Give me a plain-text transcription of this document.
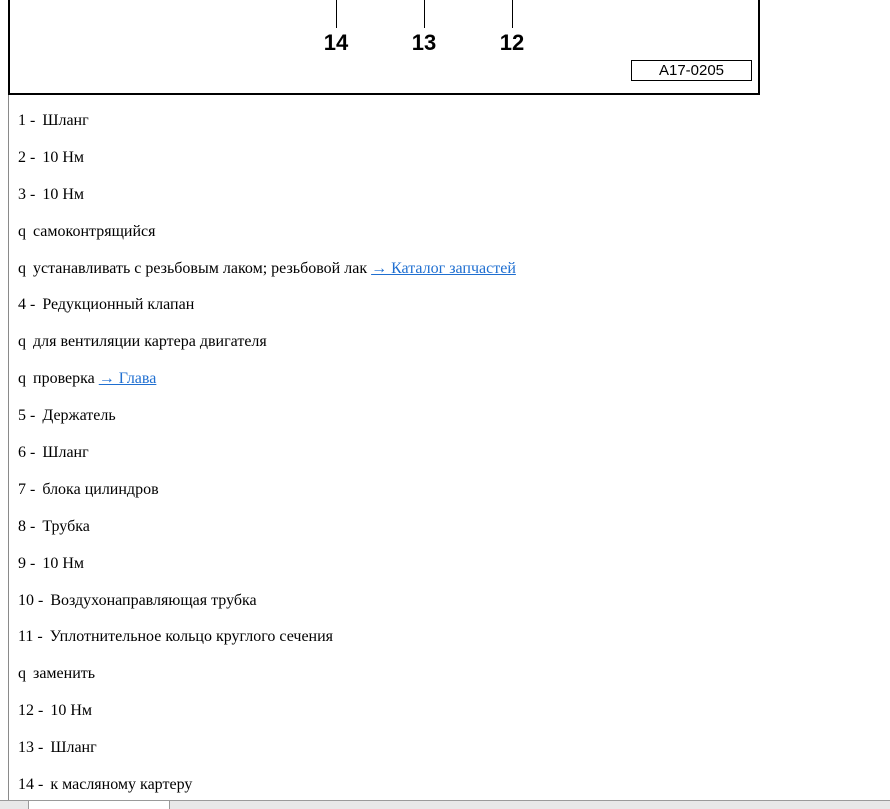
14	13	12
A17-0205
1 - Шланг
2 - 10 Нм
3 - 10 Нм
q самоконтрящийся
q устанавливать с резьбовым лаком; резьбовой лак → Каталог запчастей
4 - Редукционный клапан
q для вентиляции картера двигателя
q проверка → Глава
5 - Держатель
6 - Шланг
7 - блока цилиндров
8 - Трубка
9 - 10 Нм
10 - Воздухонаправляющая трубка
11 - Уплотнительное кольцо круглого сечения
q заменить
12 - 10 Нм
13 - Шланг
14 - к масляному картеру
